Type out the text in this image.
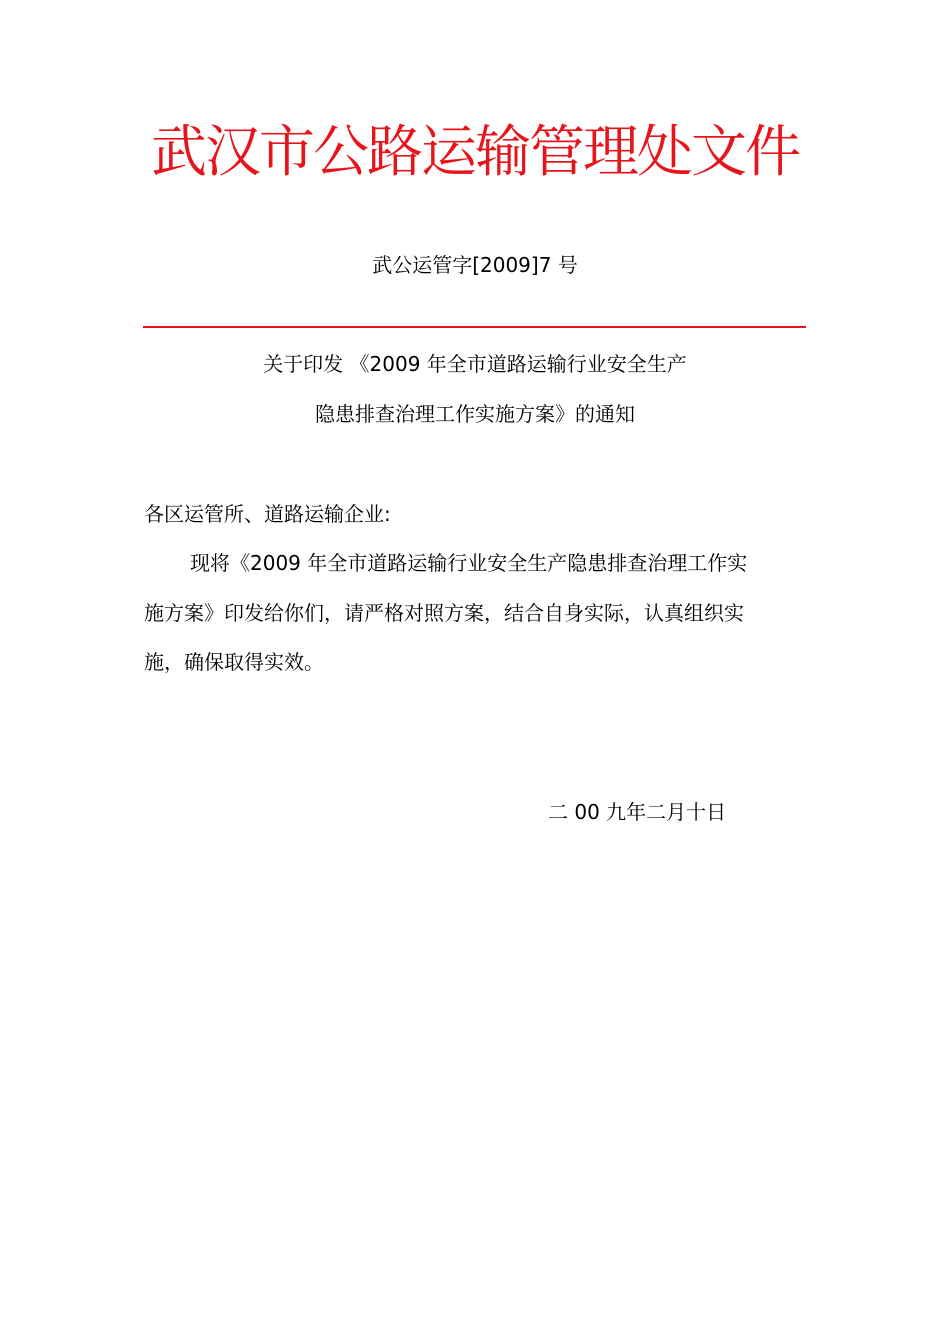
武汉市公路运输管理处文件
武公运管字[2009]7 号
关于印发 《2009 年全市道路运输行业安全生产
隐患排查治理工作实施方案》的通知
各区运管所、道路运输企业:
现将《2009 年全市道路运输行业安全生产隐患排查治理工作实
施方案》印发给你们，请严格对照方案，结合自身实际，认真组织实
施，确保取得实效。
二 00 九年二月十日
